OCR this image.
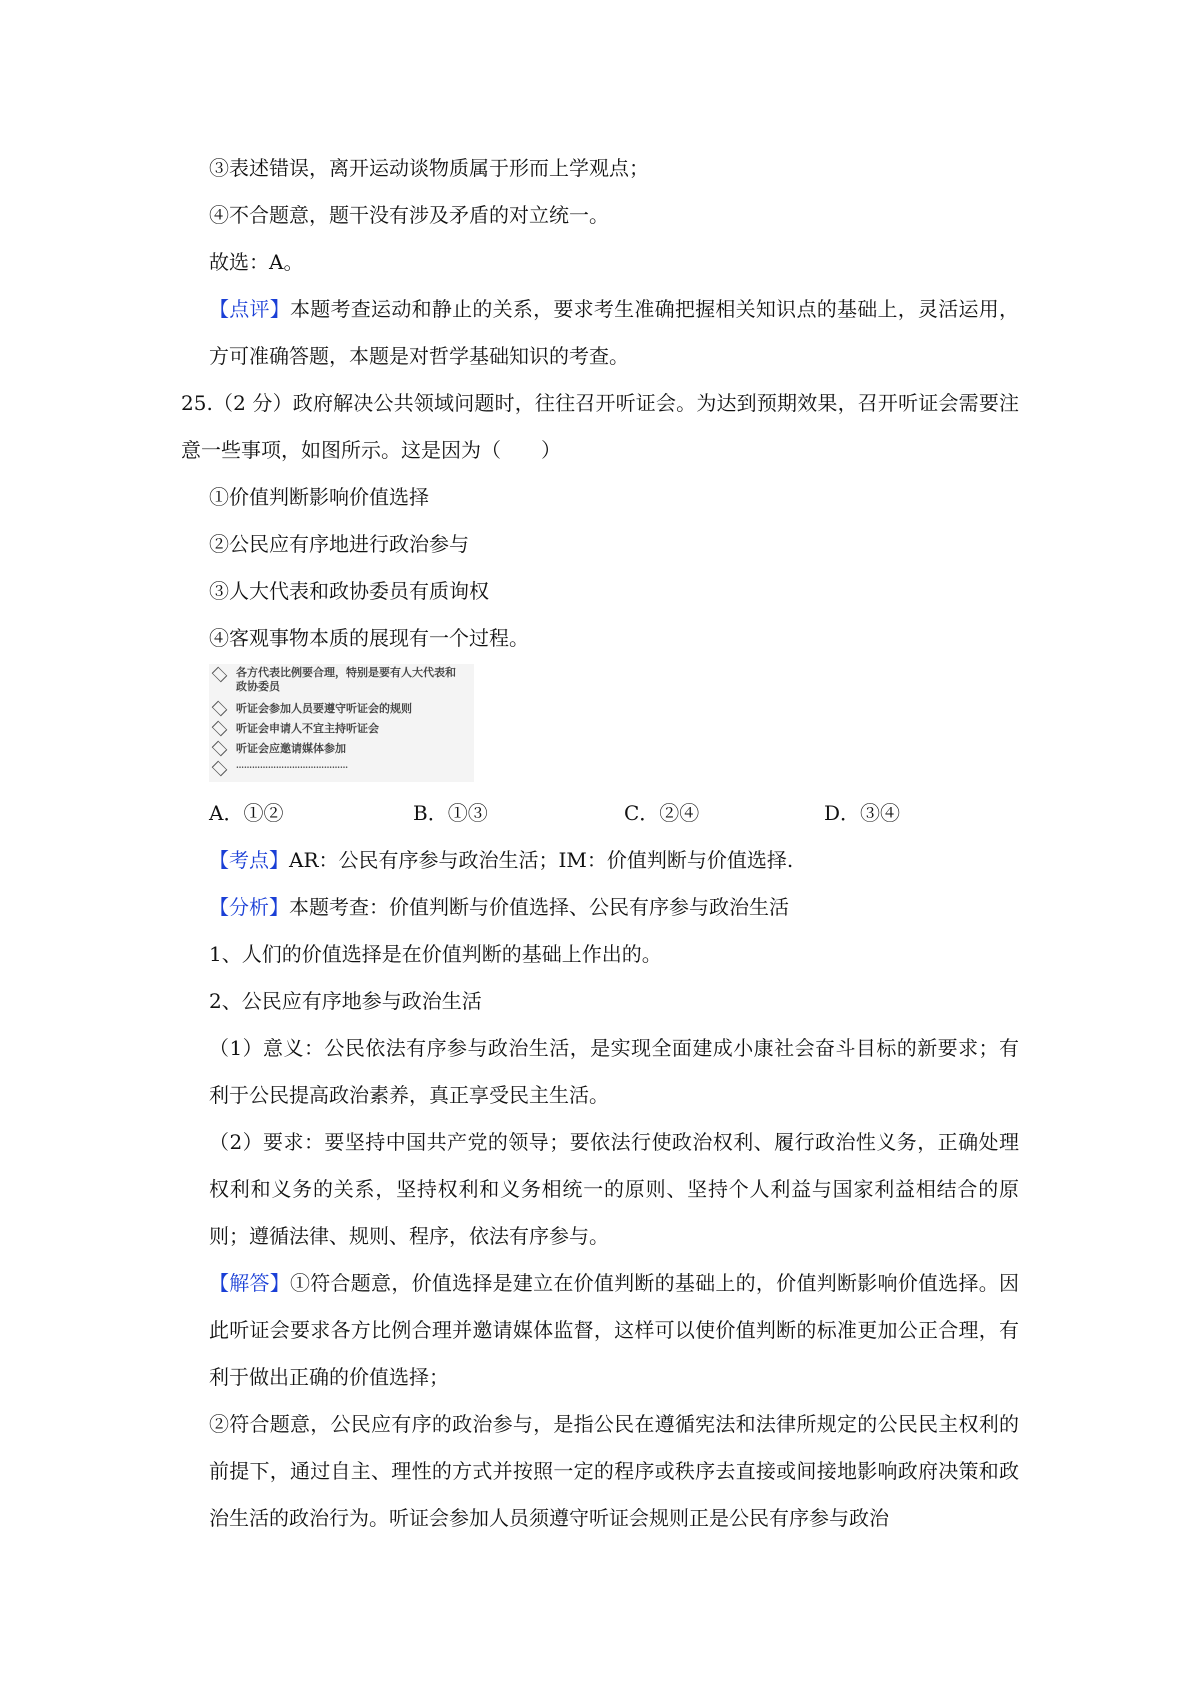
③表述错误，离开运动谈物质属于形而上学观点；
④不合题意，题干没有涉及矛盾的对立统一。
故选：A。
【点评】本题考查运动和静止的关系，要求考生准确把握相关知识点的基础上，灵活运用，方可准确答题，本题是对哲学基础知识的考查。
25.（2 分）政府解决公共领域问题时，往往召开听证会。为达到预期效果，召开听证会需要注意一些事项，如图所示。这是因为（　　）
①价值判断影响价值选择
②公民应有序地进行政治参与
③人大代表和政协委员有质询权
④客观事物本质的展现有一个过程。
各方代表比例要合理，特别是要有人大代表和政协委员
听证会参加人员要遵守听证会的规则
听证会申请人不宜主持听证会
听证会应邀请媒体参加
……………………………………
A．①②	B．①③	C．②④	D．③④
【考点】AR：公民有序参与政治生活；IM：价值判断与价值选择.
【分析】本题考查：价值判断与价值选择、公民有序参与政治生活
1、人们的价值选择是在价值判断的基础上作出的。
2、公民应有序地参与政治生活
（1）意义：公民依法有序参与政治生活，是实现全面建成小康社会奋斗目标的新要求；有利于公民提高政治素养，真正享受民主生活。
（2）要求：要坚持中国共产党的领导；要依法行使政治权利、履行政治性义务，正确处理权利和义务的关系，坚持权利和义务相统一的原则、坚持个人利益与国家利益相结合的原则；遵循法律、规则、程序，依法有序参与。
【解答】①符合题意，价值选择是建立在价值判断的基础上的，价值判断影响价值选择。因此听证会要求各方比例合理并邀请媒体监督，这样可以使价值判断的标准更加公正合理，有利于做出正确的价值选择；
②符合题意，公民应有序的政治参与，是指公民在遵循宪法和法律所规定的公民民主权利的前提下，通过自主、理性的方式并按照一定的程序或秩序去直接或间接地影响政府决策和政治生活的政治行为。听证会参加人员须遵守听证会规则正是公民有序参与政治
